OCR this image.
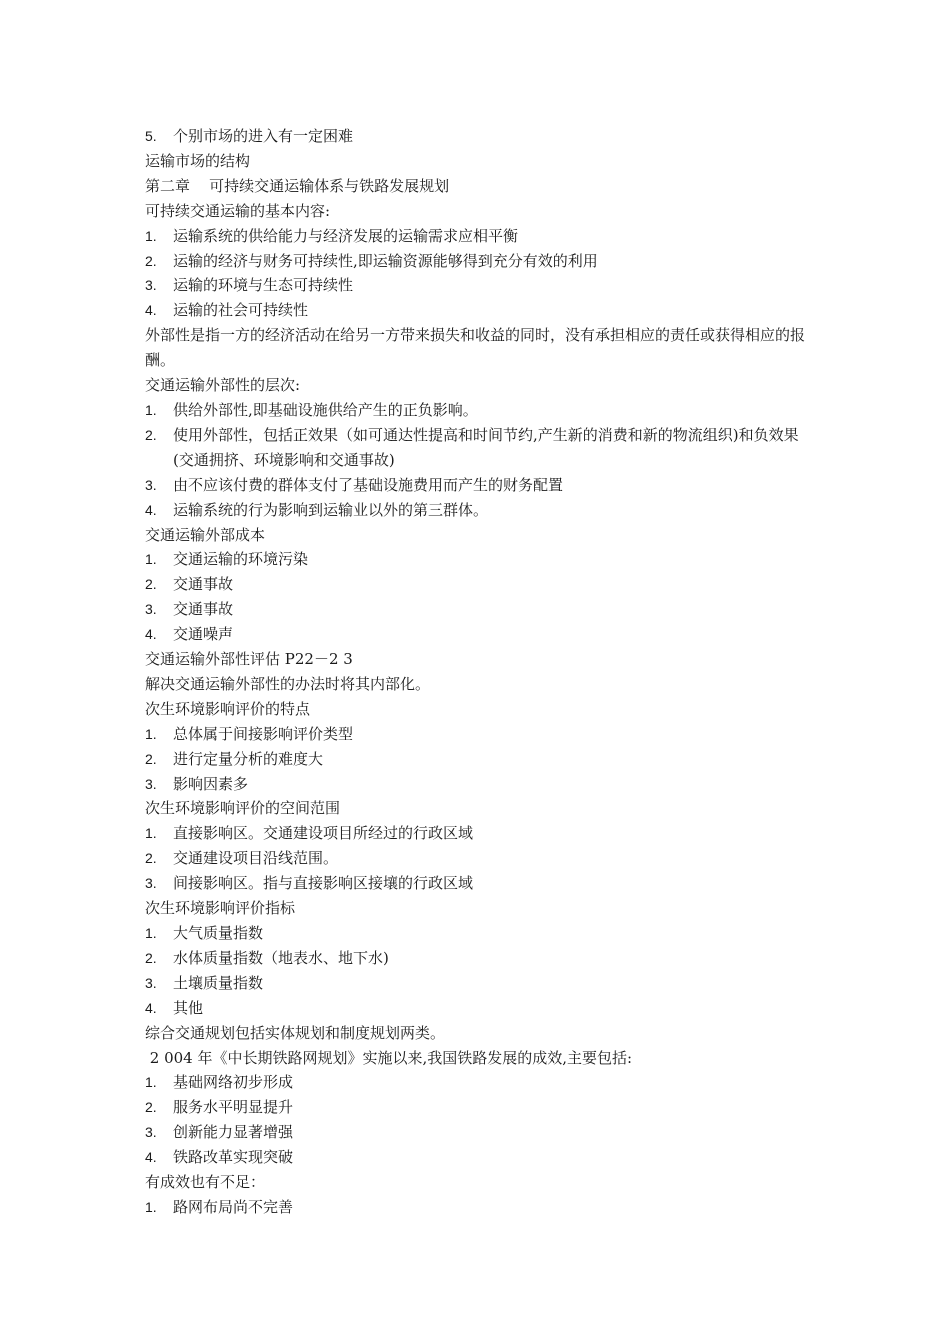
5.	个别市场的进入有一定困难
运输市场的结构
第二章    可持续交通运输体系与铁路发展规划
可持续交通运输的基本内容:
1.	运输系统的供给能力与经济发展的运输需求应相平衡
2.	运输的经济与财务可持续性,即运输资源能够得到充分有效的利用
3.	运输的环境与生态可持续性
4.	运输的社会可持续性
外部性是指一方的经济活动在给另一方带来损失和收益的同时，没有承担相应的责任或获得相应的报酬。
交通运输外部性的层次:
1.	供给外部性,即基础设施供给产生的正负影响。
2.	使用外部性，包括正效果（如可通达性提高和时间节约,产生新的消费和新的物流组织)和负效果(交通拥挤、环境影响和交通事故)
3.	由不应该付费的群体支付了基础设施费用而产生的财务配置
4.	运输系统的行为影响到运输业以外的第三群体。
交通运输外部成本
1.	交通运输的环境污染
2.	交通事故
3.	交通事故
4.	交通噪声
交通运输外部性评估 P22－2 3
解决交通运输外部性的办法时将其内部化。
次生环境影响评价的特点
1.	总体属于间接影响评价类型
2.	进行定量分析的难度大
3.	影响因素多
次生环境影响评价的空间范围
1.	直接影响区。交通建设项目所经过的行政区域
2.	交通建设项目沿线范围。
3.	间接影响区。指与直接影响区接壤的行政区域
次生环境影响评价指标
1.	大气质量指数
2.	水体质量指数（地表水、地下水)
3.	土壤质量指数
4.	其他
综合交通规划包括实体规划和制度规划两类。
2 004 年《中长期铁路网规划》实施以来,我国铁路发展的成效,主要包括:
1.	基础网络初步形成
2.	服务水平明显提升
3.	创新能力显著增强
4.	铁路改革实现突破
有成效也有不足：
1.	路网布局尚不完善
